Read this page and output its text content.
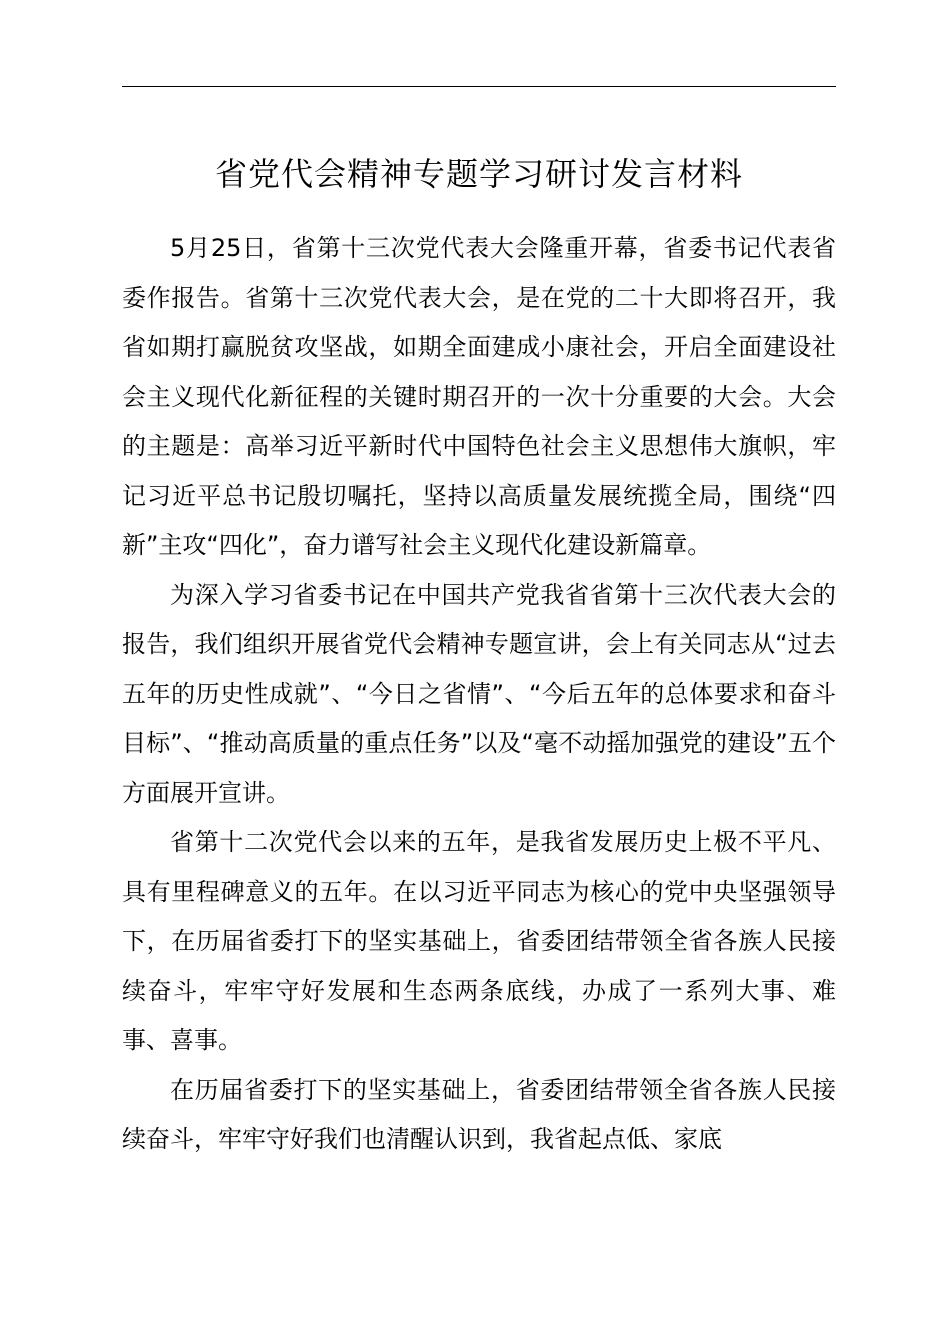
省党代会精神专题学习研讨发言材料

5月25日，省第十三次党代表大会隆重开幕，省委书记代表省委作报告。省第十三次党代表大会，是在党的二十大即将召开，我省如期打赢脱贫攻坚战，如期全面建成小康社会，开启全面建设社会主义现代化新征程的关键时期召开的一次十分重要的大会。大会的主题是：高举习近平新时代中国特色社会主义思想伟大旗帜，牢记习近平总书记殷切嘱托，坚持以高质量发展统揽全局，围绕“四新”主攻“四化”，奋力谱写社会主义现代化建设新篇章。

为深入学习省委书记在中国共产党我省省第十三次代表大会的报告，我们组织开展省党代会精神专题宣讲，会上有关同志从“过去五年的历史性成就”、“今日之省情”、“今后五年的总体要求和奋斗目标”、“推动高质量的重点任务”以及“毫不动摇加强党的建设”五个方面展开宣讲。

省第十二次党代会以来的五年，是我省发展历史上极不平凡、具有里程碑意义的五年。在以习近平同志为核心的党中央坚强领导下，在历届省委打下的坚实基础上，省委团结带领全省各族人民接续奋斗，牢牢守好发展和生态两条底线，办成了一系列大事、难事、喜事。

在历届省委打下的坚实基础上，省委团结带领全省各族人民接续奋斗，牢牢守好我们也清醒认识到，我省起点低、家底
